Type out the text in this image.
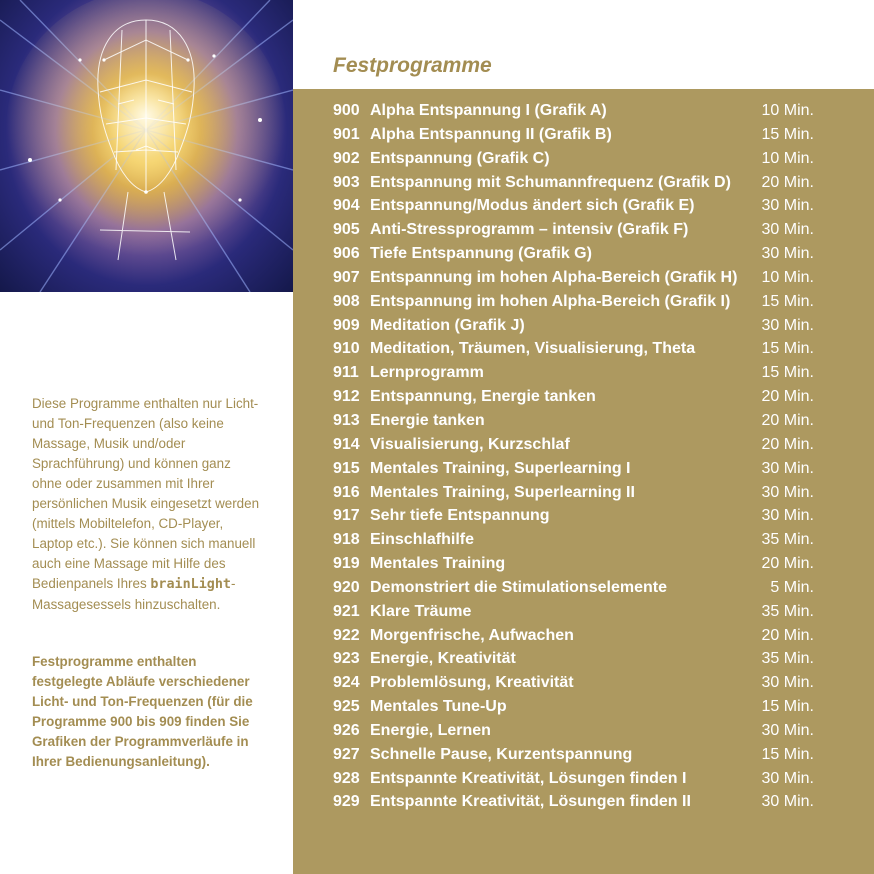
Festprogramme
900 Alpha Entspannung I (Grafik A)	10 Min.
901 Alpha Entspannung II (Grafik B)	15 Min.
902 Entspannung (Grafik C)	10 Min.
903 Entspannung mit Schumannfrequenz (Grafik D) 20 Min.
904 Entspannung/Modus ändert sich (Grafik E)	30 Min.
905 Anti-Stressprogramm – intensiv (Grafik F)	30 Min.
906 Tiefe Entspannung (Grafik G)	30 Min.
907 Entspannung im hohen Alpha-Bereich (Grafik H) 10 Min.
908 Entspannung im hohen Alpha-Bereich (Grafik I) 15 Min.
909 Meditation (Grafik J)	30 Min.
910 Meditation, Träumen, Visualisierung, Theta	15 Min.
911 Lernprogramm	15 Min.
912 Entspannung, Energie tanken	20 Min.
913 Energie tanken	20 Min.
914 Visualisierung, Kurzschlaf	20 Min.
915 Mentales Training, Superlearning I	30 Min.
916 Mentales Training, Superlearning II	30 Min.
917 Sehr tiefe Entspannung	30 Min.
918 Einschlafhilfe	35 Min.
919 Mentales Training	20 Min.
920 Demonstriert die Stimulationselemente	5 Min.
921 Klare Träume	35 Min.
922 Morgenfrische, Aufwachen	20 Min.
923 Energie, Kreativität	35 Min.
924 Problemlösung, Kreativität	30 Min.
925 Mentales Tune-Up	15 Min.
926 Energie, Lernen	30 Min.
927 Schnelle Pause, Kurzentspannung	15 Min.
928 Entspannte Kreativität, Lösungen finden I	30 Min.
929 Entspannte Kreativität, Lösungen finden II	30 Min.

Diese Programme enthalten nur Licht- und Ton-Frequenzen (also keine Massage, Musik und/oder Sprachführung) und können ganz ohne oder zusammen mit Ihrer persönlichen Musik eingesetzt werden (mittels Mobiltelefon, CD-Player, Laptop etc.). Sie können sich manuell auch eine Massage mit Hilfe des Bedienpanels Ihres brainLight-Massagesessels hinzuschalten.

Festprogramme enthalten festgelegte Abläufe verschiedener Licht- und Ton-Frequenzen (für die Programme 900 bis 909 finden Sie Grafiken der Programmverläufe in Ihrer Bedienungsanleitung).
